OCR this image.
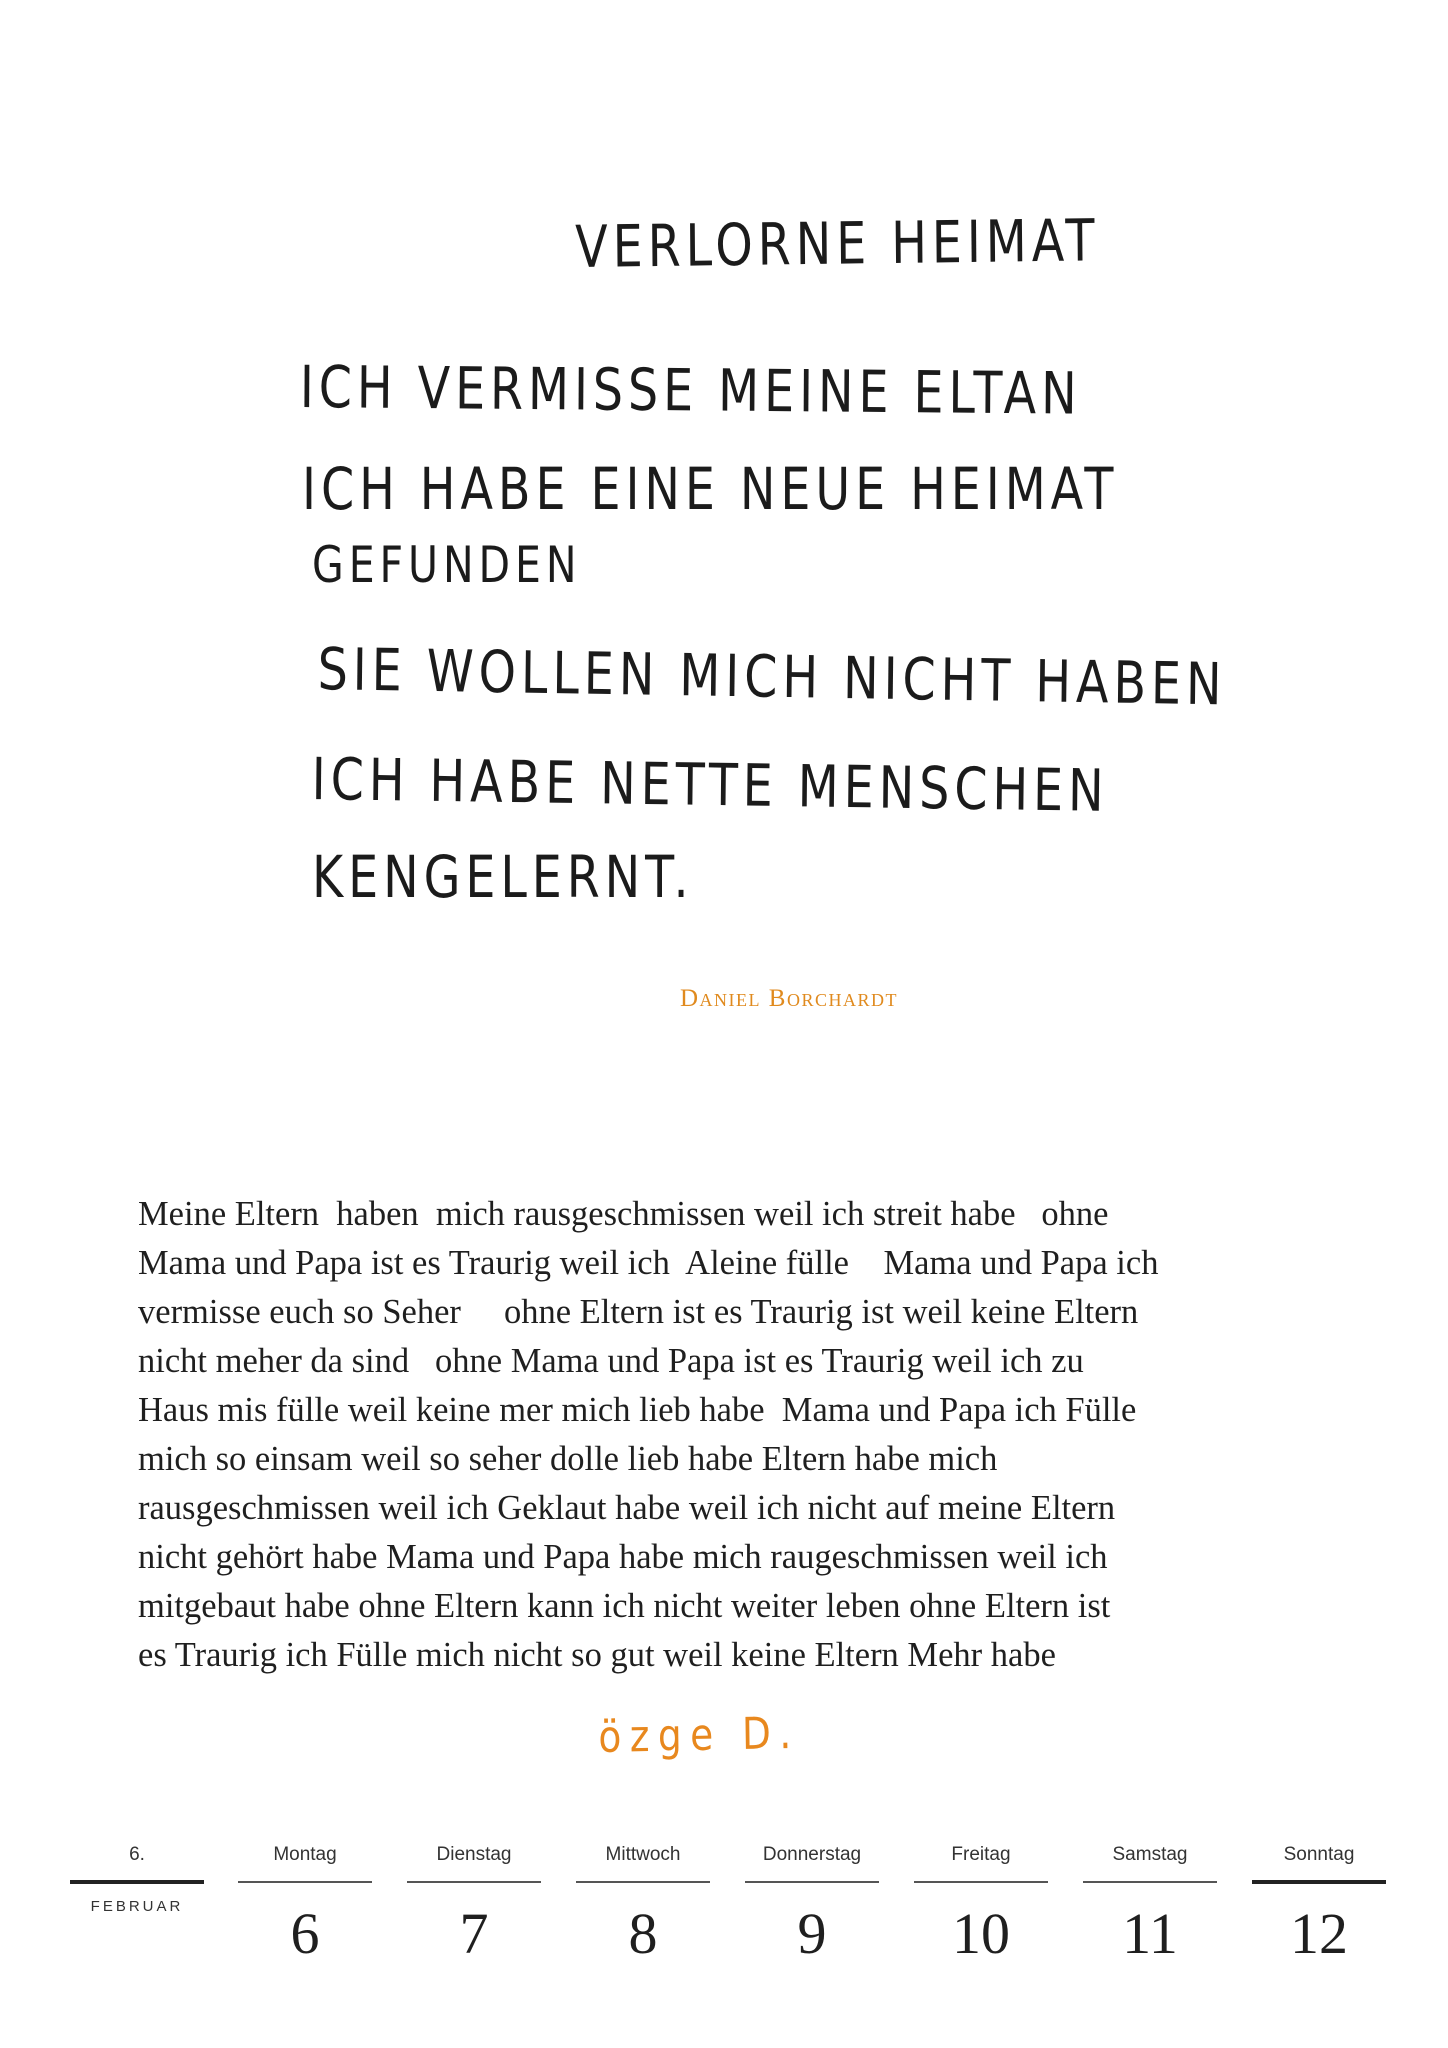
VERLORNE HEIMAT
ICH VERMISSE MEINE ELTAN
ICH HABE EINE NEUE HEIMAT
GEFUNDEN
SIE WOLLEN MICH NICHT HABEN
ICH HABE NETTE MENSCHEN
KENGELERNT.
Daniel Borchardt
Meine Eltern  haben  mich rausgeschmissen weil ich streit habe   ohne
Mama und Papa ist es Traurig weil ich  Aleine fülle    Mama und Papa ich
vermisse euch so Seher     ohne Eltern ist es Traurig ist weil keine Eltern
nicht meher da sind   ohne Mama und Papa ist es Traurig weil ich zu
Haus mis fülle weil keine mer mich lieb habe  Mama und Papa ich Fülle
mich so einsam weil so seher dolle lieb habe Eltern habe mich
rausgeschmissen weil ich Geklaut habe weil ich nicht auf meine Eltern
nicht gehört habe Mama und Papa habe mich raugeschmissen weil ich
mitgebaut habe ohne Eltern kann ich nicht weiter leben ohne Eltern ist
es Traurig ich Fülle mich nicht so gut weil keine Eltern Mehr habe
özge D.
6.
FEBRUAR
Montag
6
Dienstag
7
Mittwoch
8
Donnerstag
9
Freitag
10
Samstag
11
Sonntag
12
